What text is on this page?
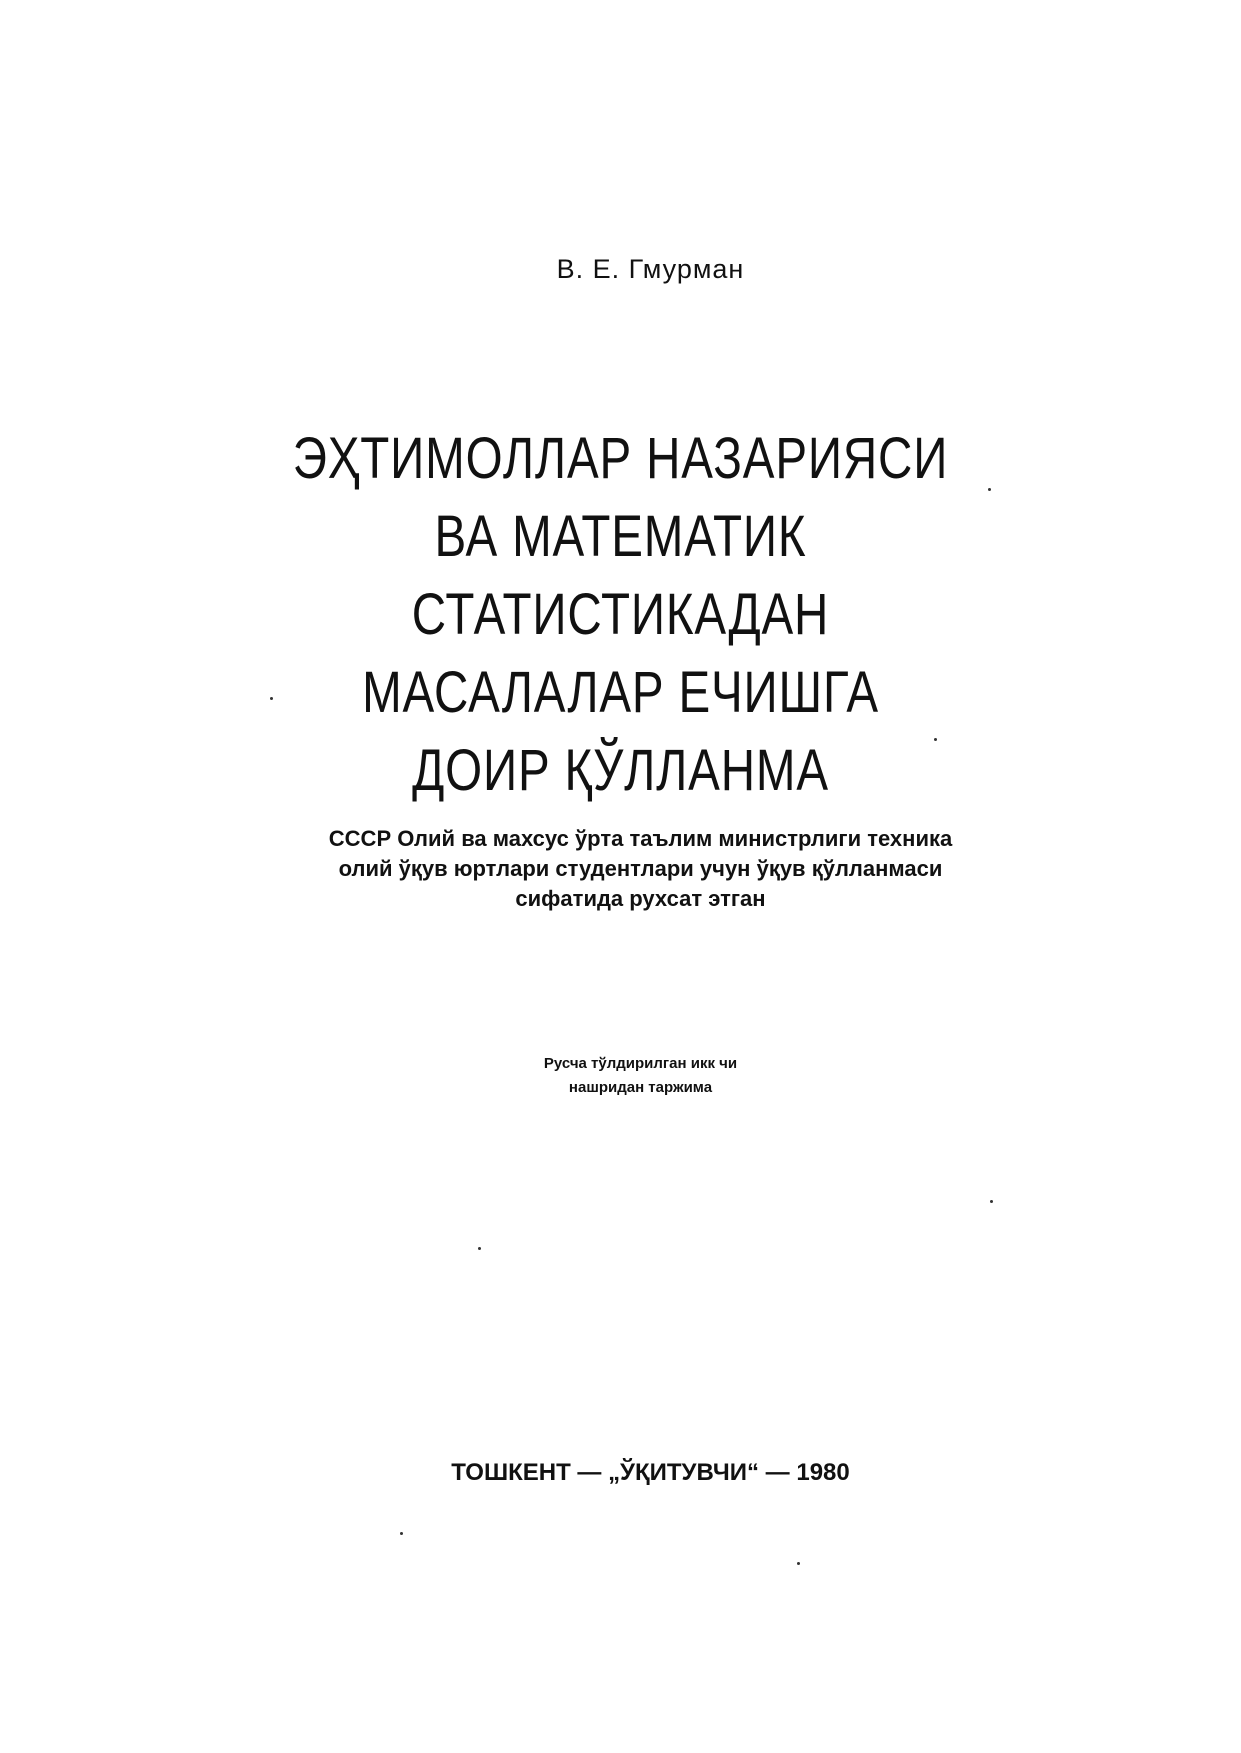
В. Е. Гмурман
ЭҲТИМОЛЛАР НАЗАРИЯСИ
ВА МАТЕМАТИК
СТАТИСТИКАДАН
МАСАЛАЛАР ЕЧИШГА
ДОИР ҚЎЛЛАНМА
СССР Олий ва махсус ўрта таълим министрлиги техника
олий ўқув юртлари студентлари учун ўқув қўлланмаси
сифатида рухсат этган
Русча тўлдирилган икк чи
нашридан таржима
ТОШКЕНТ — „ЎҚИТУВЧИ“ — 1980
